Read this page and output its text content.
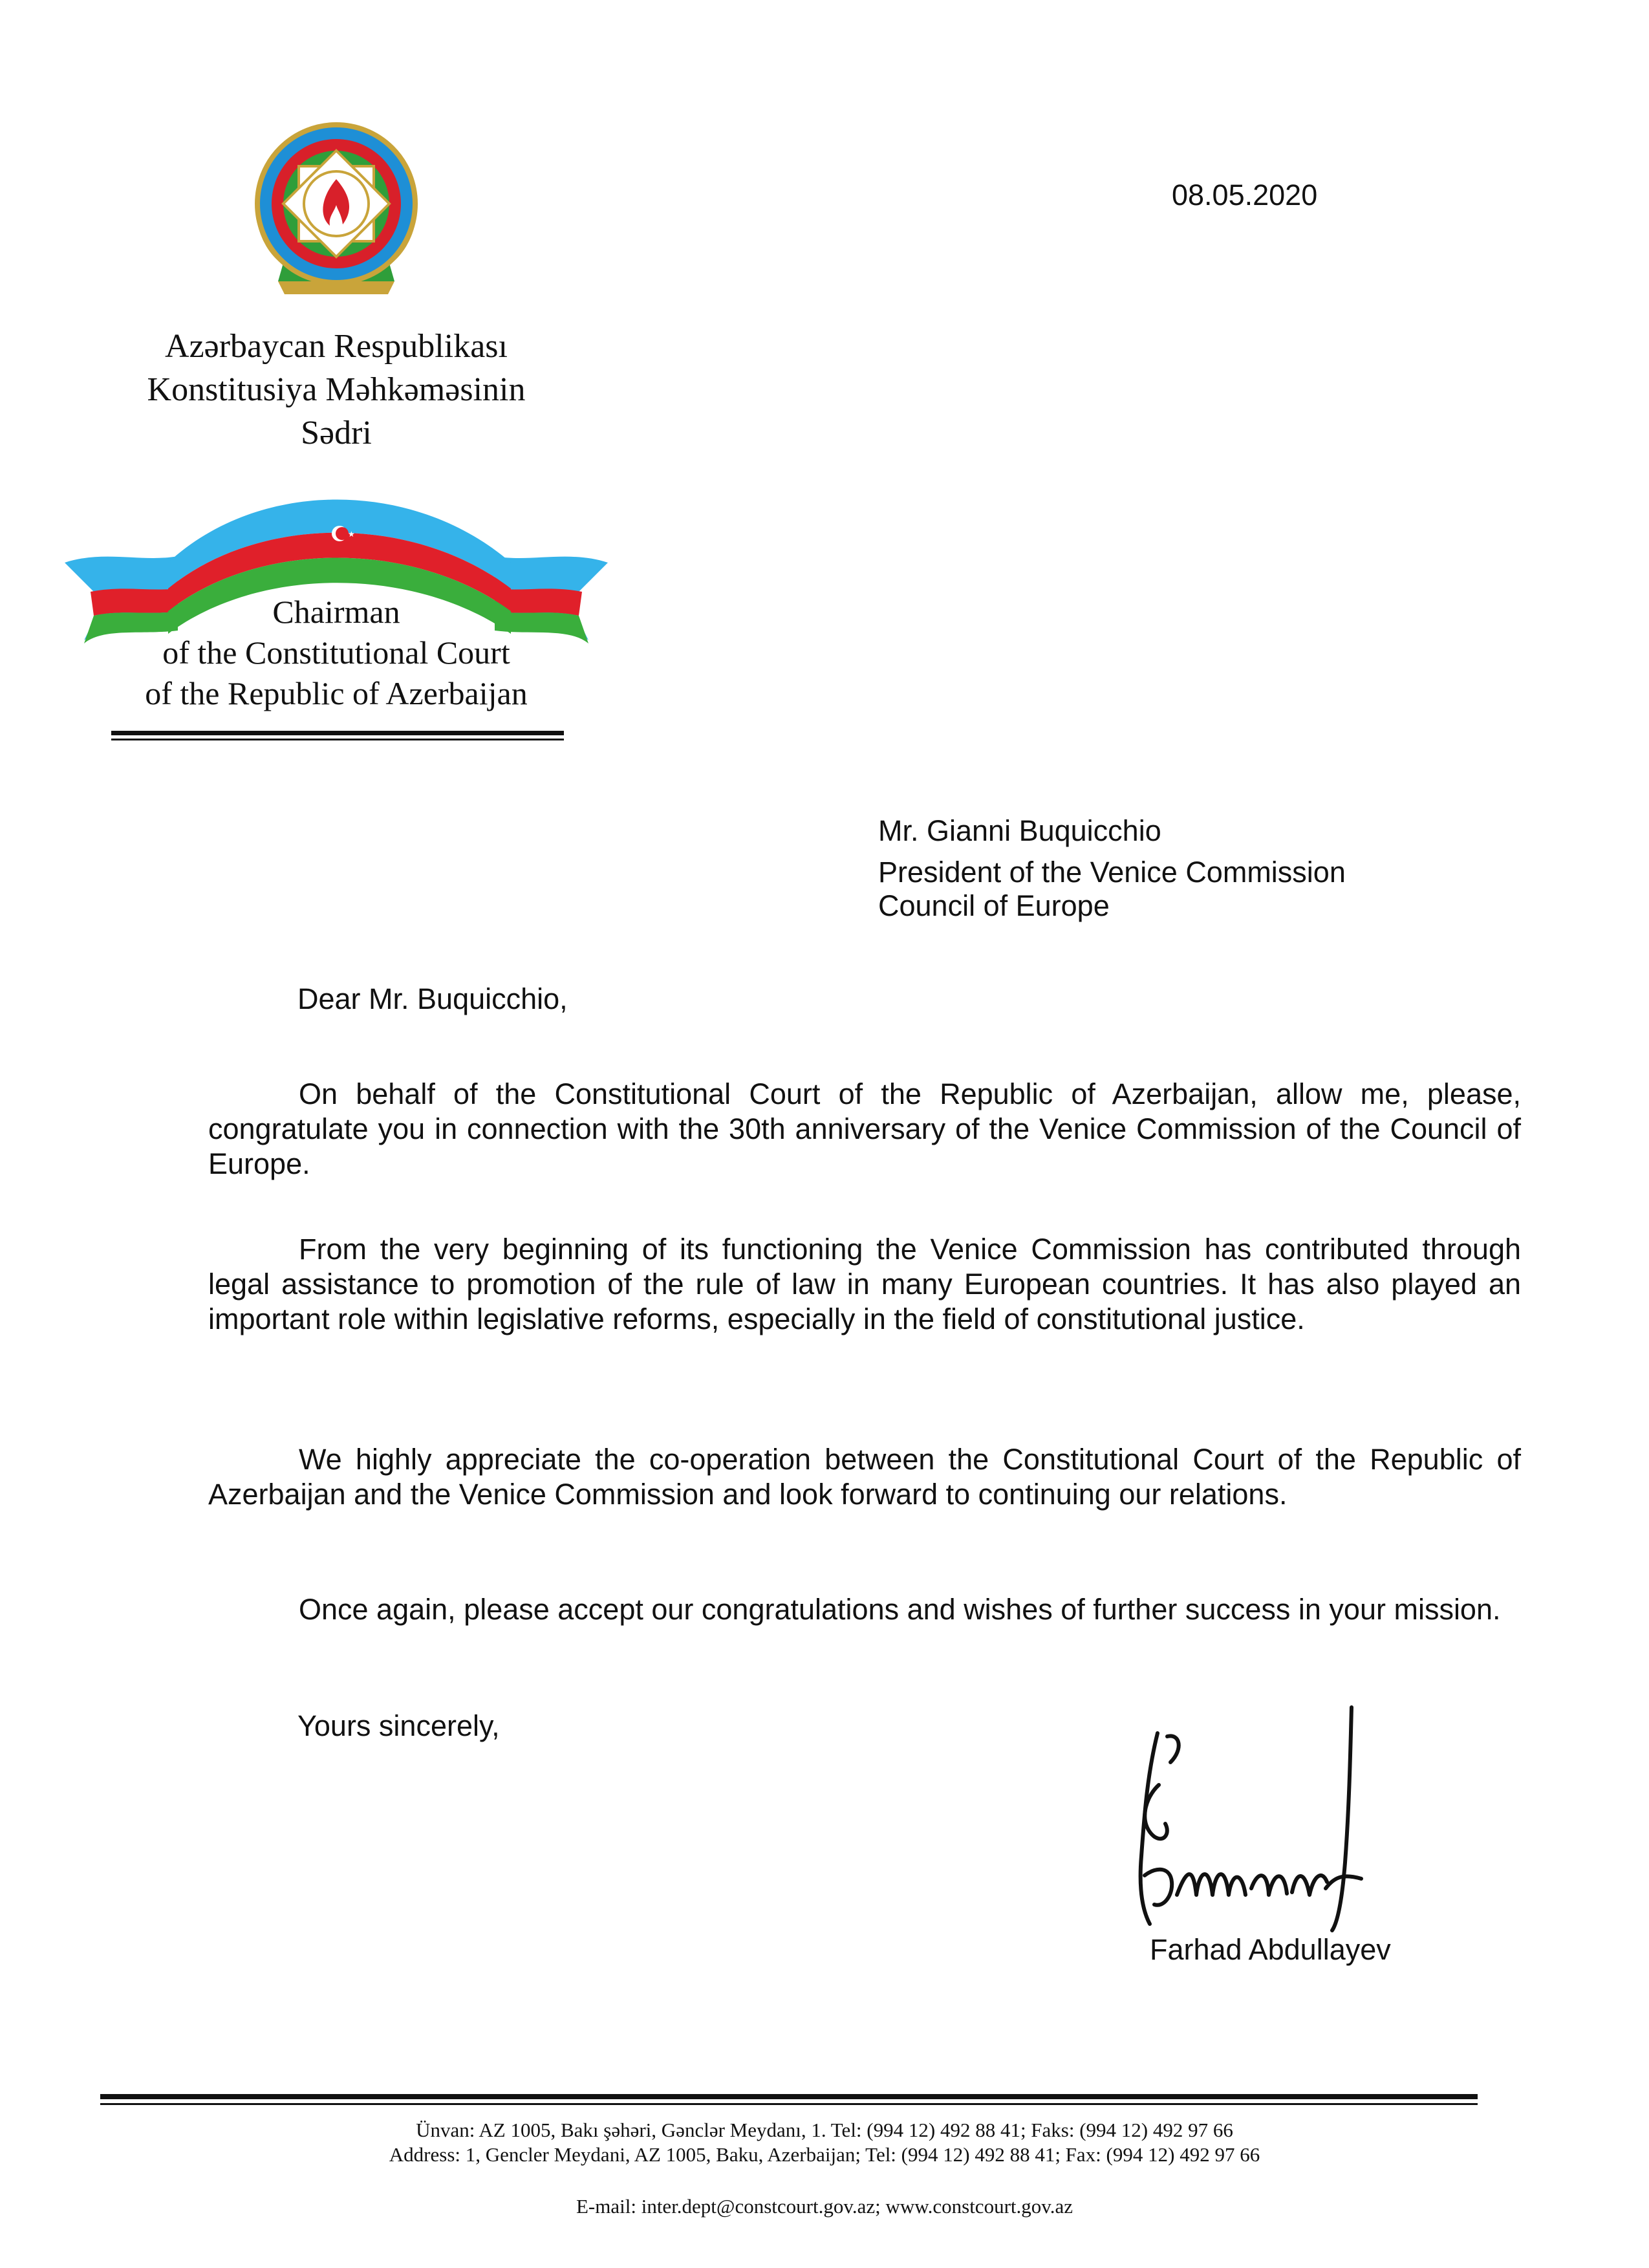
Azərbaycan Respublikası
Konstitusiya Məhkəməsinin
Sədri
★
Chairman
of the Constitutional Court
of the Republic of Azerbaijan
08.05.2020
Mr. Gianni Buquicchio
President of the Venice Commission
Council of Europe
Dear Mr. Buquicchio,
On behalf of the Constitutional Court of the Republic of Azerbaijan, allow me, please, congratulate you in connection with the 30th anniversary of the Venice Commission of the Council of Europe.
From the very beginning of its functioning the Venice Commission has contributed through legal assistance to promotion of the rule of law in many European countries. It has also played an important role within legislative reforms, especially in the field of constitutional justice.
We highly appreciate the co-operation between the Constitutional Court of the Republic of Azerbaijan and the Venice Commission and look forward to continuing our relations.
Once again, please accept our congratulations and wishes of further success in your mission.
Yours sincerely,
Farhad Abdullayev
Ünvan: AZ 1005, Bakı şəhəri, Gənclər Meydanı, 1. Tel: (994 12) 492 88 41; Faks: (994 12) 492 97 66
Address: 1, Gencler Meydani, AZ 1005, Baku, Azerbaijan; Tel: (994 12) 492 88 41; Fax: (994 12) 492 97 66
E-mail: inter.dept@constcourt.gov.az; www.constcourt.gov.az
